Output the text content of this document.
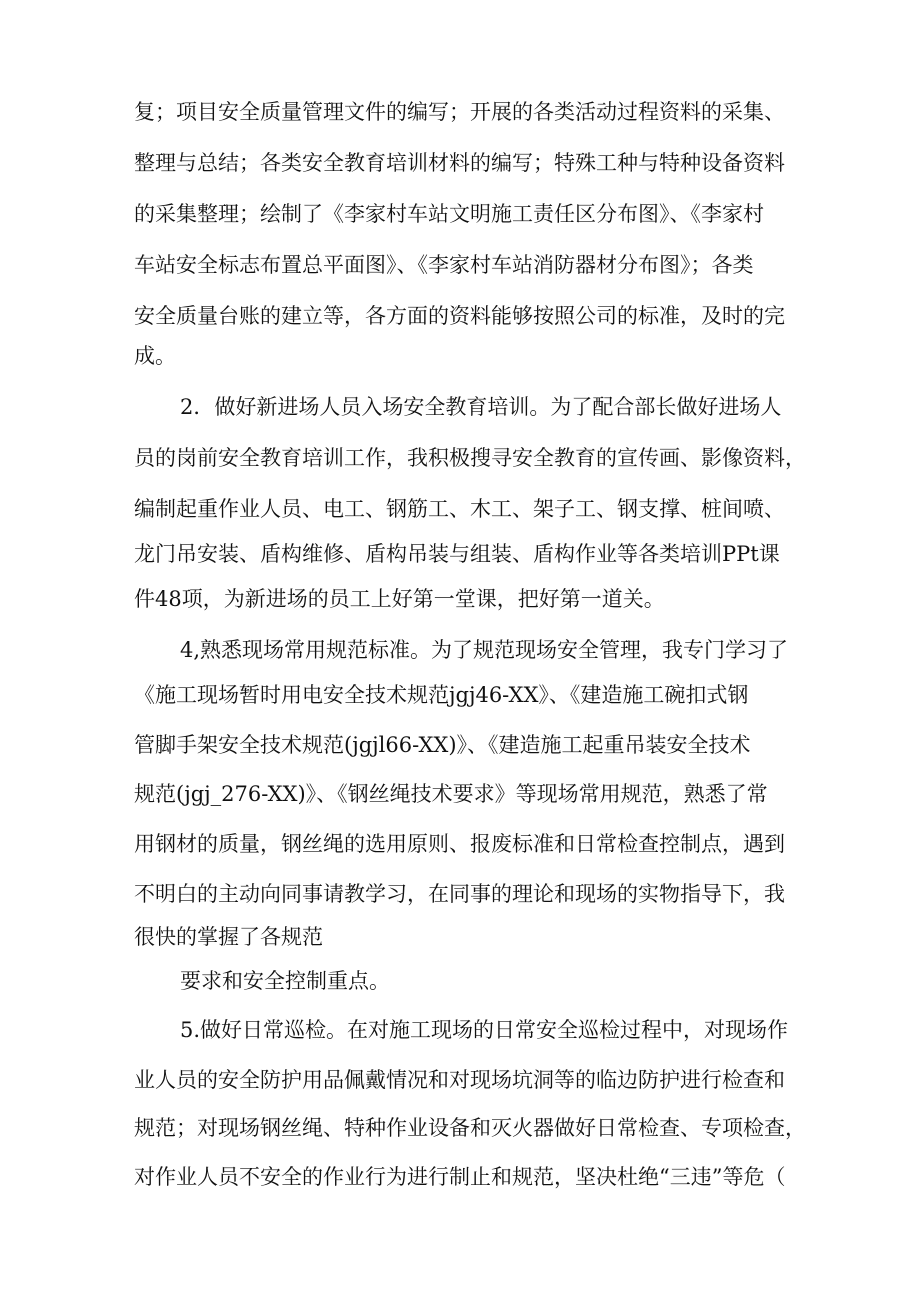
复；项目安全质量管理文件的编写；开展的各类活动过程资料的采集、
整理与总结；各类安全教育培训材料的编写；特殊工种与特种设备资料
的采集整理；绘制了《李家村车站文明施工责任区分布图》、《李家村
车站安全标志布置总平面图》、《李家村车站消防器材分布图》；各类
安全质量台账的建立等，各方面的资料能够按照公司的标准，及时的完
成。
2．做好新进场人员入场安全教育培训。为了配合部长做好进场人
员的岗前安全教育培训工作，我积极搜寻安全教育的宣传画、影像资料，
编制起重作业人员、电工、钢筋工、木工、架子工、钢支撑、桩间喷、
龙门吊安装、盾构维修、盾构吊装与组装、盾构作业等各类培训PPt课
件48项，为新进场的员工上好第一堂课，把好第一道关。
4,熟悉现场常用规范标准。为了规范现场安全管理，我专门学习了
《施工现场暂时用电安全技术规范jgj46-XX》、《建造施工碗扣式钢
管脚手架安全技术规范(jgjl66-XX)》、《建造施工起重吊装安全技术
规范(jgj_276-XX)》、《钢丝绳技术要求》等现场常用规范，熟悉了常
用钢材的质量，钢丝绳的选用原则、报废标准和日常检查控制点，遇到
不明白的主动向同事请教学习，在同事的理论和现场的实物指导下，我
很快的掌握了各规范
要求和安全控制重点。
5.做好日常巡检。在对施工现场的日常安全巡检过程中，对现场作
业人员的安全防护用品佩戴情况和对现场坑洞等的临边防护进行检查和
规范；对现场钢丝绳、特种作业设备和灭火器做好日常检查、专项检查，
对作业人员不安全的作业行为进行制止和规范，坚决杜绝“三违”等危（
